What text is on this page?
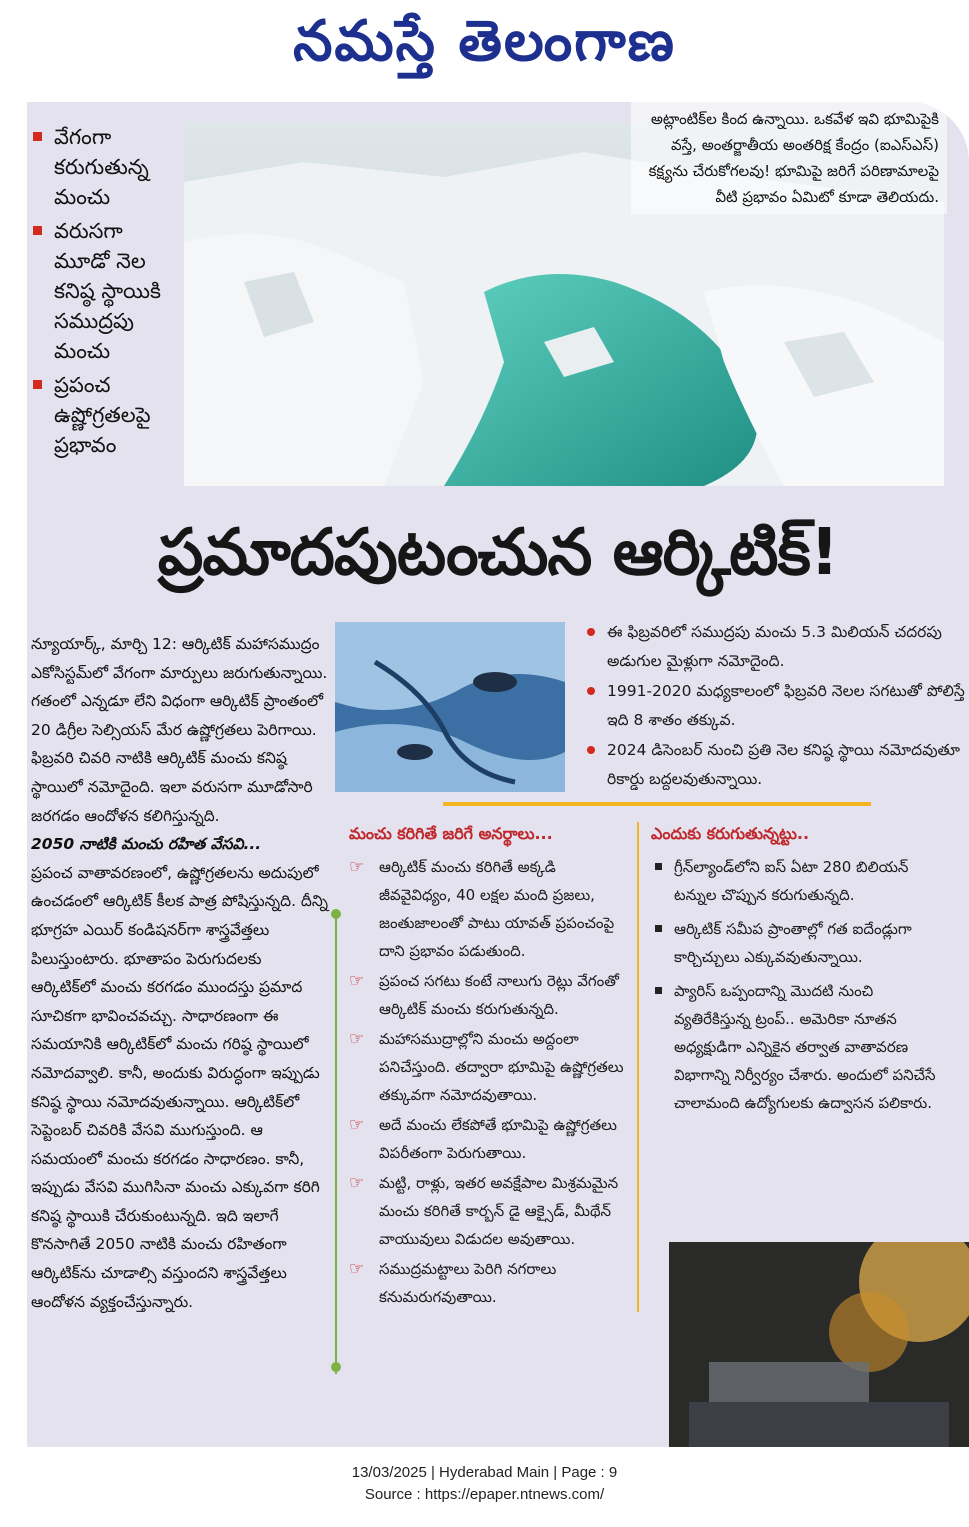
నమస్తే తెలంగాణ
వేగంగా కరుగుతున్న మంచు
వరుసగా మూడో నెల కనిష్ఠ స్థాయికి సముద్రపు మంచు
ప్రపంచ ఉష్ణోగ్రతలపై ప్రభావం
అట్లాంటిక్‌ల కింద ఉన్నాయి. ఒకవేళ ఇవి భూమిపైకి వస్తే, అంతర్జాతీయ అంతరిక్ష కేంద్రం (ఐఎస్‌ఎస్) కక్ష్యను చేరుకోగలవు! భూమిపై జరిగే పరిణామాలపై వీటి ప్రభావం ఏమిటో కూడా తెలియదు.
ప్రమాదపుటంచున ఆర్కిటిక్!

న్యూయార్క్, మార్చి 12: ఆర్కిటిక్ మహాసముద్రం ఎకోసిస్టమ్‌లో వేగంగా మార్పులు జరుగుతున్నాయి. గతంలో ఎన్నడూ లేని విధంగా ఆర్కిటిక్ ప్రాంతంలో 20 డిగ్రీల సెల్సియస్ మేర ఉష్ణోగ్రతలు పెరిగాయి. ఫిబ్రవరి చివరి నాటికి ఆర్కిటిక్ మంచు కనిష్ఠ స్థాయిలో నమోదైంది. ఇలా వరుసగా మూడోసారి జరగడం ఆందోళన కలిగిస్తున్నది.

2050 నాటికి మంచు రహిత వేసవి...

ప్రపంచ వాతావరణంలో, ఉష్ణోగ్రతలను అదుపులో ఉంచడంలో ఆర్కిటిక్ కీలక పాత్ర పోషిస్తున్నది. దీన్ని భూగ్రహ ఎయిర్ కండిషనర్‌గా శాస్త్రవేత్తలు పిలుస్తుంటారు. భూతాపం పెరుగుదలకు ఆర్కిటిక్‌లో మంచు కరగడం ముందస్తు ప్రమాద సూచికగా భావించవచ్చు. సాధారణంగా ఈ సమయానికి ఆర్కిటిక్‌లో మంచు గరిష్ఠ స్థాయిలో నమోదవ్వాలి. కానీ, అందుకు విరుద్ధంగా ఇప్పుడు కనిష్ఠ స్థాయి నమోదవుతున్నాయి. ఆర్కిటిక్‌లో సెప్టెంబర్ చివరికి వేసవి ముగుస్తుంది. ఆ సమయంలో మంచు కరగడం సాధారణం. కానీ, ఇప్పుడు వేసవి ముగిసినా మంచు ఎక్కువగా కరిగి కనిష్ఠ స్థాయికి చేరుకుంటున్నది. ఇది ఇలాగే కొనసాగితే 2050 నాటికి మంచు రహితంగా ఆర్కిటిక్‌ను చూడాల్సి వస్తుందని శాస్త్రవేత్తలు ఆందోళన వ్యక్తంచేస్తున్నారు.

ఈ ఫిబ్రవరిలో సముద్రపు మంచు 5.3 మిలియన్ చదరపు అడుగుల మైళ్లుగా నమోదైంది.
1991-2020 మధ్యకాలంలో ఫిబ్రవరి నెలల సగటుతో పోలిస్తే ఇది 8 శాతం తక్కువ.
2024 డిసెంబర్ నుంచి ప్రతి నెల కనిష్ఠ స్థాయి నమోదవుతూ రికార్డు బద్దలవుతున్నాయి.
మంచు కరిగితే జరిగే అనర్థాలు...
☞ ఆర్కిటిక్ మంచు కరిగితే అక్కడి జీవవైవిధ్యం, 40 లక్షల మంది ప్రజలు, జంతుజాలంతో పాటు యావత్ ప్రపంచంపై దాని ప్రభావం పడుతుంది.
☞ ప్రపంచ సగటు కంటే నాలుగు రెట్లు వేగంతో ఆర్కిటిక్ మంచు కరుగుతున్నది.
☞ మహాసముద్రాల్లోని మంచు అద్దంలా పనిచేస్తుంది. తద్వారా భూమిపై ఉష్ణోగ్రతలు తక్కువగా నమోదవుతాయి.
☞ అదే మంచు లేకపోతే భూమిపై ఉష్ణోగ్రతలు విపరీతంగా పెరుగుతాయి.
☞ మట్టి, రాళ్లు, ఇతర అవక్షేపాల మిశ్రమమైన మంచు కరిగితే కార్బన్ డై ఆక్సైడ్, మీథేన్ వాయువులు విడుదల అవుతాయి.
☞ సముద్రమట్టాలు పెరిగి నగరాలు కనుమరుగవుతాయి.
ఎందుకు కరుగుతున్నట్టు..
గ్రీన్‌ల్యాండ్‌లోని ఐస్ ఏటా 280 బిలియన్ టన్నుల చొప్పున కరుగుతున్నది.
ఆర్కిటిక్ సమీప ప్రాంతాల్లో గత ఐదేండ్లుగా కార్చిచ్చులు ఎక్కువవుతున్నాయి.
ప్యారిస్ ఒప్పందాన్ని మొదటి నుంచి వ్యతిరేకిస్తున్న ట్రంప్.. అమెరికా నూతన అధ్యక్షుడిగా ఎన్నికైన తర్వాత వాతావరణ విభాగాన్ని నిర్వీర్యం చేశారు. అందులో పనిచేసే చాలామంది ఉద్యోగులకు ఉద్వాసన పలికారు.
13/03/2025 | Hyderabad Main | Page : 9
Source : https://epaper.ntnews.com/
